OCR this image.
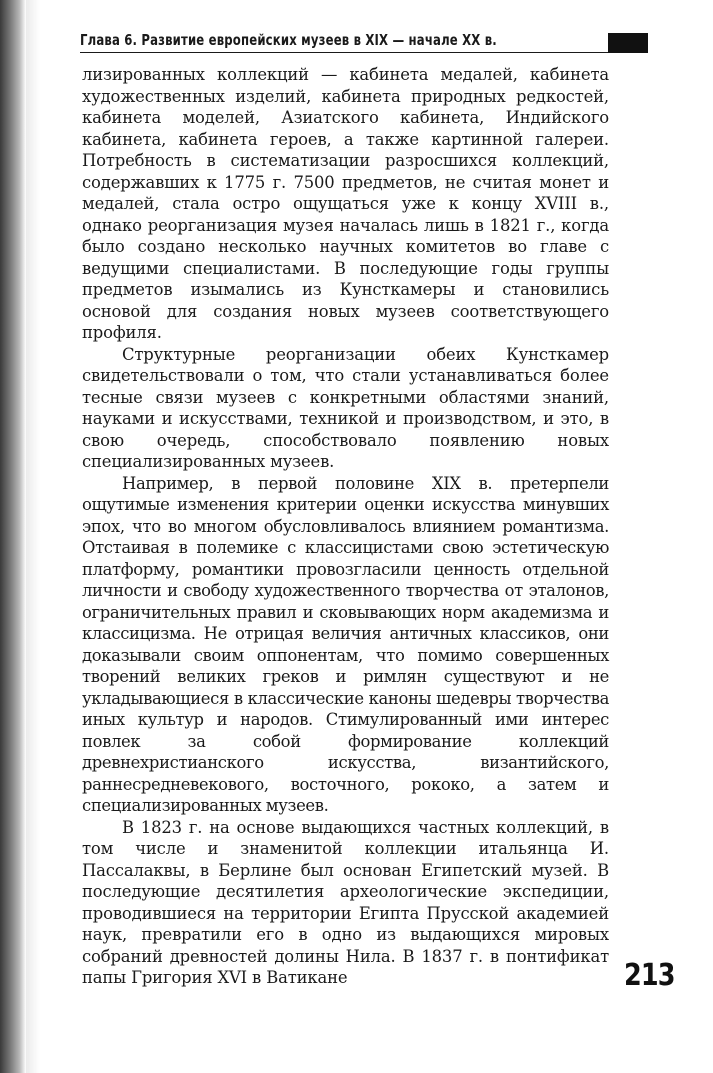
Глава 6. Развитие европейских музеев в XIX — начале XX в.

лизированных коллекций — кабинета медалей, кабинета художественных изделий, кабинета природных редкостей, кабинета моделей, Азиатского кабинета, Индийского кабинета, кабинета героев, а также картинной галереи. Потребность в систематизации разросшихся коллекций, содержавших к 1775 г. 7500 предметов, не считая монет и медалей, стала остро ощущаться уже к концу XVIII в., однако реорганизация музея началась лишь в 1821 г., когда было создано несколько научных комитетов во главе с ведущими специалистами. В последующие годы группы предметов изымались из Кунсткамеры и становились основой для создания новых музеев соответствующего профиля.

Структурные реорганизации обеих Кунсткамер свидетельствовали о том, что стали устанавливаться более тесные связи музеев с конкретными областями знаний, науками и искусствами, техникой и производством, и это, в свою очередь, способствовало появлению новых специализированных музеев.

Например, в первой половине XIX в. претерпели ощутимые изменения критерии оценки искусства минувших эпох, что во многом обусловливалось влиянием романтизма. Отстаивая в полемике с классицистами свою эстетическую платформу, романтики провозгласили ценность отдельной личности и свободу художественного творчества от эталонов, ограничительных правил и сковывающих норм академизма и классицизма. Не отрицая величия античных классиков, они доказывали своим оппонентам, что помимо совершенных творений великих греков и римлян существуют и не укладывающиеся в классические каноны шедевры творчества иных культур и народов. Стимулированный ими интерес повлек за собой формирование коллекций древнехристианского искусства, византийского, раннесредневекового, восточного, рококо, а затем и специализированных музеев.

В 1823 г. на основе выдающихся частных коллекций, в том числе и знаменитой коллекции итальянца И. Пассалаквы, в Берлине был основан Египетский музей. В последующие десятилетия археологические экспедиции, проводившиеся на территории Египта Прусской академией наук, превратили его в одно из выдающихся мировых собраний древностей долины Нила. В 1837 г. в понтификат папы Григория XVI в Ватикане	213
